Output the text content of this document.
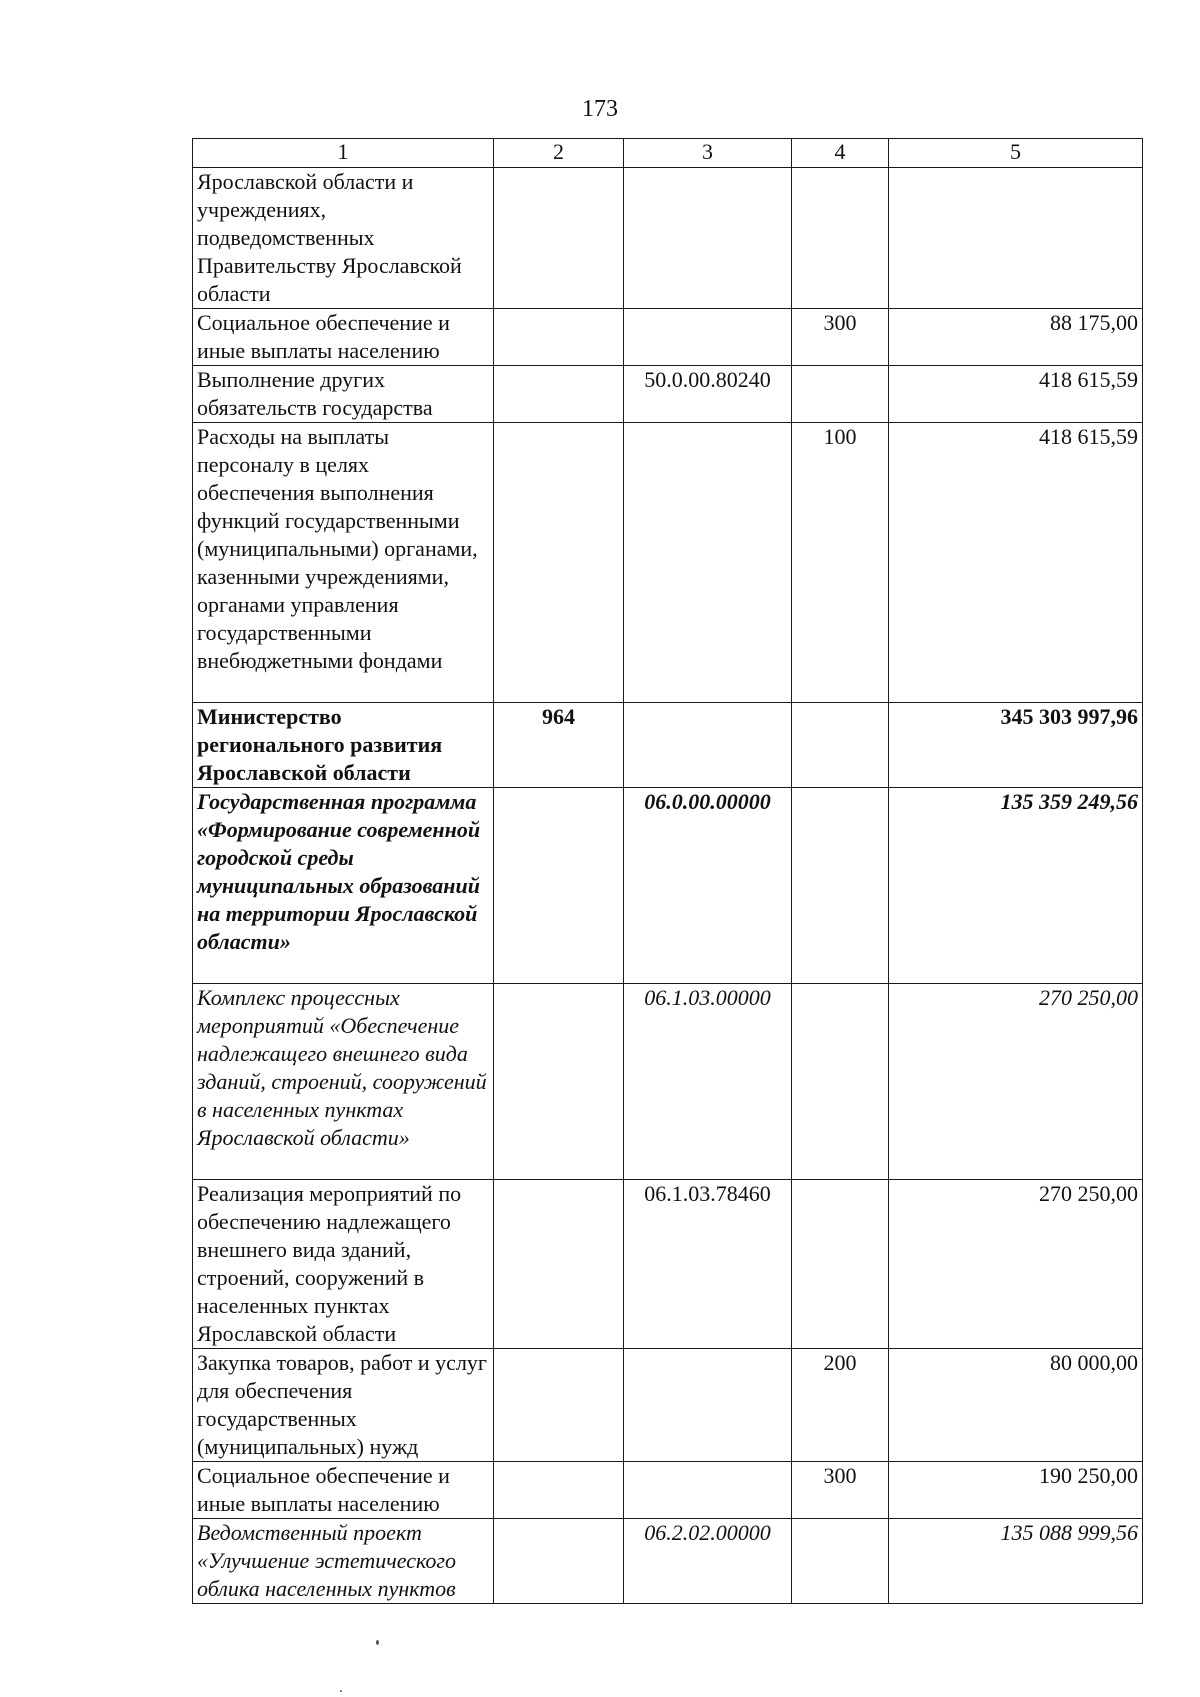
173
1	2	3	4	5
Ярославской области и учреждениях, подведомственных Правительству Ярославской области				
Социальное обеспечение и иные выплаты населению			300	88 175,00
Выполнение других обязательств государства		50.0.00.80240		418 615,59
Расходы на выплаты персоналу в целях обеспечения выполнения функций государственными (муниципальными) органами, казенными учреждениями, органами управления государственными внебюджетными фондами			100	418 615,59
Министерство регионального развития Ярославской области	964			345 303 997,96
Государственная программа «Формирование современной городской среды муниципальных образований на территории Ярославской области»		06.0.00.00000		135 359 249,56
Комплекс процессных мероприятий «Обеспечение надлежащего внешнего вида зданий, строений, сооружений в населенных пунктах Ярославской области»		06.1.03.00000		270 250,00
Реализация мероприятий по обеспечению надлежащего внешнего вида зданий, строений, сооружений в населенных пунктах Ярославской области		06.1.03.78460		270 250,00
Закупка товаров, работ и услуг для обеспечения государственных (муниципальных) нужд			200	80 000,00
Социальное обеспечение и иные выплаты населению			300	190 250,00
Ведомственный проект «Улучшение эстетического облика населенных пунктов		06.2.02.00000		135 088 999,56
